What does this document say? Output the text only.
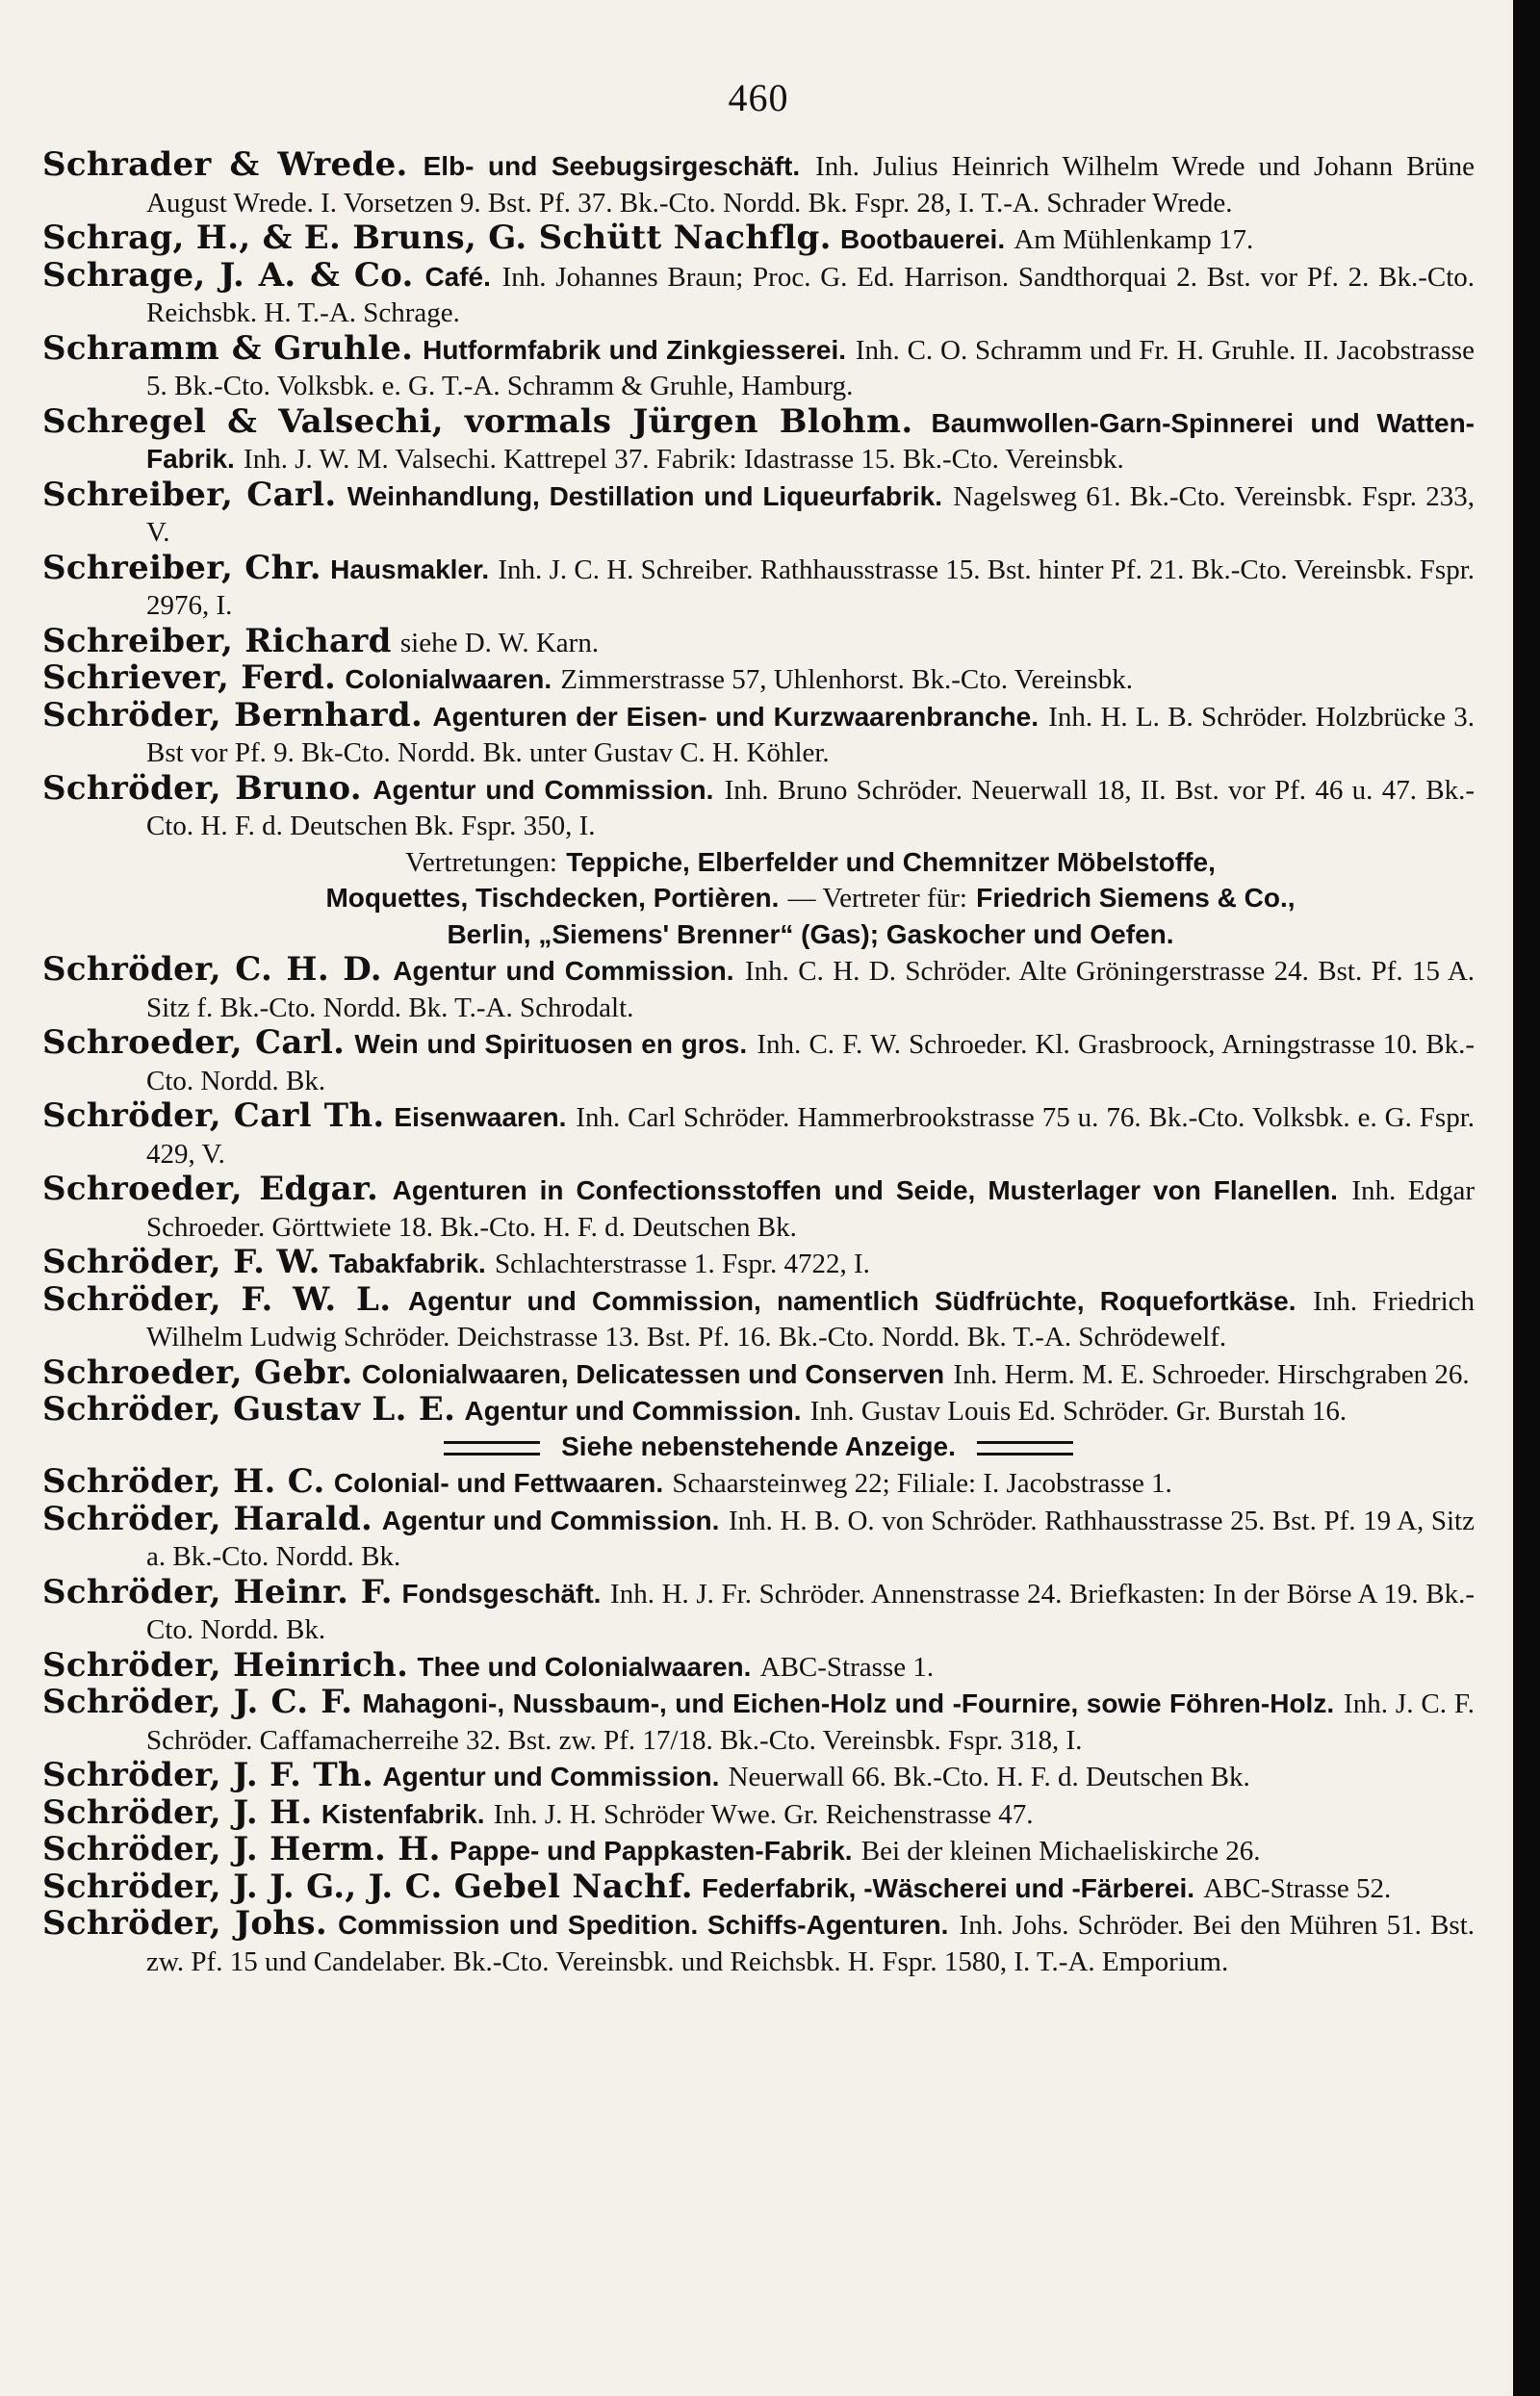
460

Schrader & Wrede. Elb- und Seebugsirgeschäft. Inh. Julius Heinrich Wilhelm Wrede und Johann Brüne August Wrede. I. Vorsetzen 9. Bst. Pf. 37. Bk.-Cto. Nordd. Bk. Fspr. 28, I. T.-A. Schrader Wrede.

Schrag, H., & E. Bruns, G. Schütt Nachflg. Bootbauerei. Am Mühlenkamp 17.

Schrage, J. A. & Co. Café. Inh. Johannes Braun; Proc. G. Ed. Harrison. Sandthorquai 2. Bst. vor Pf. 2. Bk.-Cto. Reichsbk. H. T.-A. Schrage.

Schramm & Gruhle. Hutformfabrik und Zinkgiesserei. Inh. C. O. Schramm und Fr. H. Gruhle. II. Jacobstrasse 5. Bk.-Cto. Volksbk. e. G. T.-A. Schramm & Gruhle, Hamburg.

Schregel & Valsechi, vormals Jürgen Blohm. Baumwollen-Garn-Spinnerei und Watten-Fabrik. Inh. J. W. M. Valsechi. Kattrepel 37. Fabrik: Idastrasse 15. Bk.-Cto. Vereinsbk.

Schreiber, Carl. Weinhandlung, Destillation und Liqueurfabrik. Nagelsweg 61. Bk.-Cto. Vereinsbk. Fspr. 233, V.

Schreiber, Chr. Hausmakler. Inh. J. C. H. Schreiber. Rathhausstrasse 15. Bst. hinter Pf. 21. Bk.-Cto. Vereinsbk. Fspr. 2976, I.

Schreiber, Richard siehe D. W. Karn.

Schriever, Ferd. Colonialwaaren. Zimmerstrasse 57, Uhlenhorst. Bk.-Cto. Vereinsbk.

Schröder, Bernhard. Agenturen der Eisen- und Kurzwaarenbranche. Inh. H. L. B. Schröder. Holzbrücke 3. Bst vor Pf. 9. Bk-Cto. Nordd. Bk. unter Gustav C. H. Köhler.

Schröder, Bruno. Agentur und Commission. Inh. Bruno Schröder. Neuerwall 18, II. Bst. vor Pf. 46 u. 47. Bk.-Cto. H. F. d. Deutschen Bk. Fspr. 350, I.

Vertretungen: Teppiche, Elberfelder und Chemnitzer Möbelstoffe,
Moquettes, Tischdecken, Portièren. — Vertreter für: Friedrich Siemens & Co.,
Berlin, „Siemens' Brenner“ (Gas); Gaskocher und Oefen.

Schröder, C. H. D. Agentur und Commission. Inh. C. H. D. Schröder. Alte Gröningerstrasse 24. Bst. Pf. 15 A. Sitz f. Bk.-Cto. Nordd. Bk. T.-A. Schrodalt.

Schroeder, Carl. Wein und Spirituosen en gros. Inh. C. F. W. Schroeder. Kl. Grasbroock, Arningstrasse 10. Bk.-Cto. Nordd. Bk.

Schröder, Carl Th. Eisenwaaren. Inh. Carl Schröder. Hammerbrookstrasse 75 u. 76. Bk.-Cto. Volksbk. e. G. Fspr. 429, V.

Schroeder, Edgar. Agenturen in Confectionsstoffen und Seide, Musterlager von Flanellen. Inh. Edgar Schroeder. Görttwiete 18. Bk.-Cto. H. F. d. Deutschen Bk.

Schröder, F. W. Tabakfabrik. Schlachterstrasse 1. Fspr. 4722, I.

Schröder, F. W. L. Agentur und Commission, namentlich Südfrüchte, Roquefortkäse. Inh. Friedrich Wilhelm Ludwig Schröder. Deichstrasse 13. Bst. Pf. 16. Bk.-Cto. Nordd. Bk. T.-A. Schrödewelf.

Schroeder, Gebr. Colonialwaaren, Delicatessen und Conserven Inh. Herm. M. E. Schroeder. Hirschgraben 26.

Schröder, Gustav L. E. Agentur und Commission. Inh. Gustav Louis Ed. Schröder. Gr. Burstah 16.

Siehe nebenstehende Anzeige.

Schröder, H. C. Colonial- und Fettwaaren. Schaarsteinweg 22; Filiale: I. Jacobstrasse 1.

Schröder, Harald. Agentur und Commission. Inh. H. B. O. von Schröder. Rathhausstrasse 25. Bst. Pf. 19 A, Sitz a. Bk.-Cto. Nordd. Bk.

Schröder, Heinr. F. Fondsgeschäft. Inh. H. J. Fr. Schröder. Annenstrasse 24. Briefkasten: In der Börse A 19. Bk.-Cto. Nordd. Bk.

Schröder, Heinrich. Thee und Colonialwaaren. ABC-Strasse 1.

Schröder, J. C. F. Mahagoni-, Nussbaum-, und Eichen-Holz und -Fournire, sowie Föhren-Holz. Inh. J. C. F. Schröder. Caffamacherreihe 32. Bst. zw. Pf. 17/18. Bk.-Cto. Vereinsbk. Fspr. 318, I.

Schröder, J. F. Th. Agentur und Commission. Neuerwall 66. Bk.-Cto. H. F. d. Deutschen Bk.

Schröder, J. H. Kistenfabrik. Inh. J. H. Schröder Wwe. Gr. Reichenstrasse 47.

Schröder, J. Herm. H. Pappe- und Pappkasten-Fabrik. Bei der kleinen Michaeliskirche 26.

Schröder, J. J. G., J. C. Gebel Nachf. Federfabrik, -Wäscherei und -Färberei. ABC-Strasse 52.

Schröder, Johs. Commission und Spedition. Schiffs-Agenturen. Inh. Johs. Schröder. Bei den Mühren 51. Bst. zw. Pf. 15 und Candelaber. Bk.-Cto. Vereinsbk. und Reichsbk. H. Fspr. 1580, I. T.-A. Emporium.
